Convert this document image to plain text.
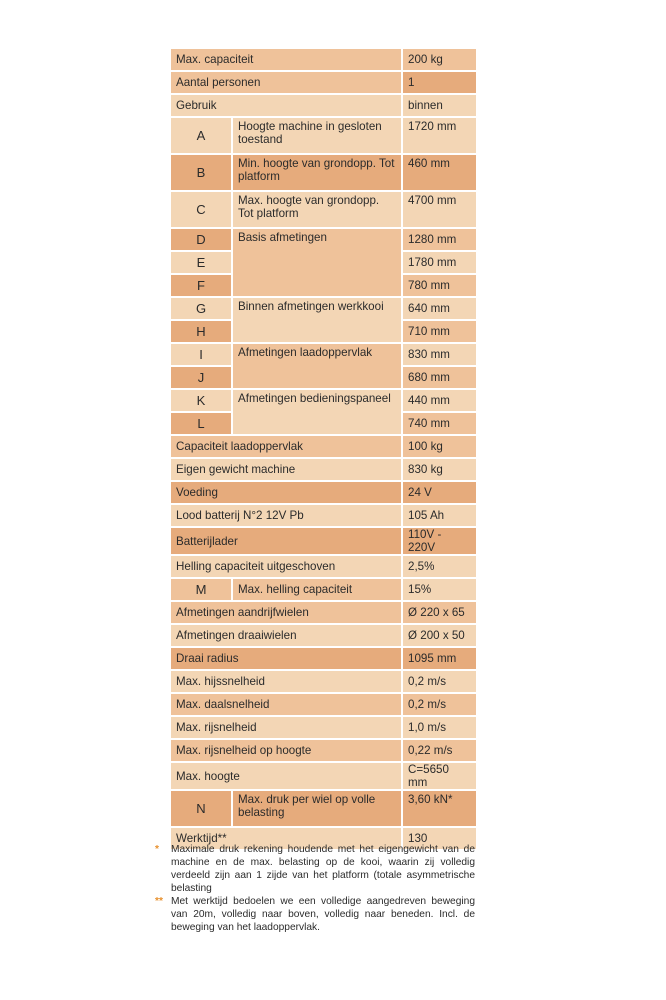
Max. capaciteit		200 kg
Aantal personen		1
Gebruik		binnen
A	Hoogte machine in gesloten toestand	1720 mm
B	Min. hoogte van grondopp. Tot platform	460 mm
C	Max. hoogte van grondopp. Tot platform	4700 mm
D	Basis afmetingen	1280 mm
E		1780 mm
F		780 mm
G	Binnen afmetingen werkkooi	640 mm
H		710 mm
I	Afmetingen laadoppervlak	830 mm
J		680 mm
K	Afmetingen bedieningspaneel	440 mm
L		740 mm
Capaciteit laadoppervlak		100 kg
Eigen gewicht machine		830 kg
Voeding		24 V
Lood batterij N°2 12V Pb		105 Ah
Batterijlader		110V - 220V
Helling capaciteit uitgeschoven		2,5%
M	Max. helling capaciteit	15%
Afmetingen aandrijfwielen		Ø 220 x 65
Afmetingen draaiwielen		Ø 200 x 50
Draai radius		1095 mm
Max. hijssnelheid		0,2 m/s
Max. daalsnelheid		0,2 m/s
Max. rijsnelheid		1,0 m/s
Max. rijsnelheid op hoogte		0,22 m/s
Max. hoogte		C=5650 mm
N	Max. druk per wiel op volle belasting	3,60 kN*
Werktijd**		130
*	Maximale druk rekening houdende met het eigengewicht van de machine en de max. belasting op de kooi, waarin zij volledig verdeeld zijn aan 1 zijde van het platform (totale asymmetrische belasting
** Met werktijd bedoelen we een volledige aangedreven beweging van 20m, volledig naar boven, volledig naar beneden. Incl. de beweging van het laadoppervlak.
